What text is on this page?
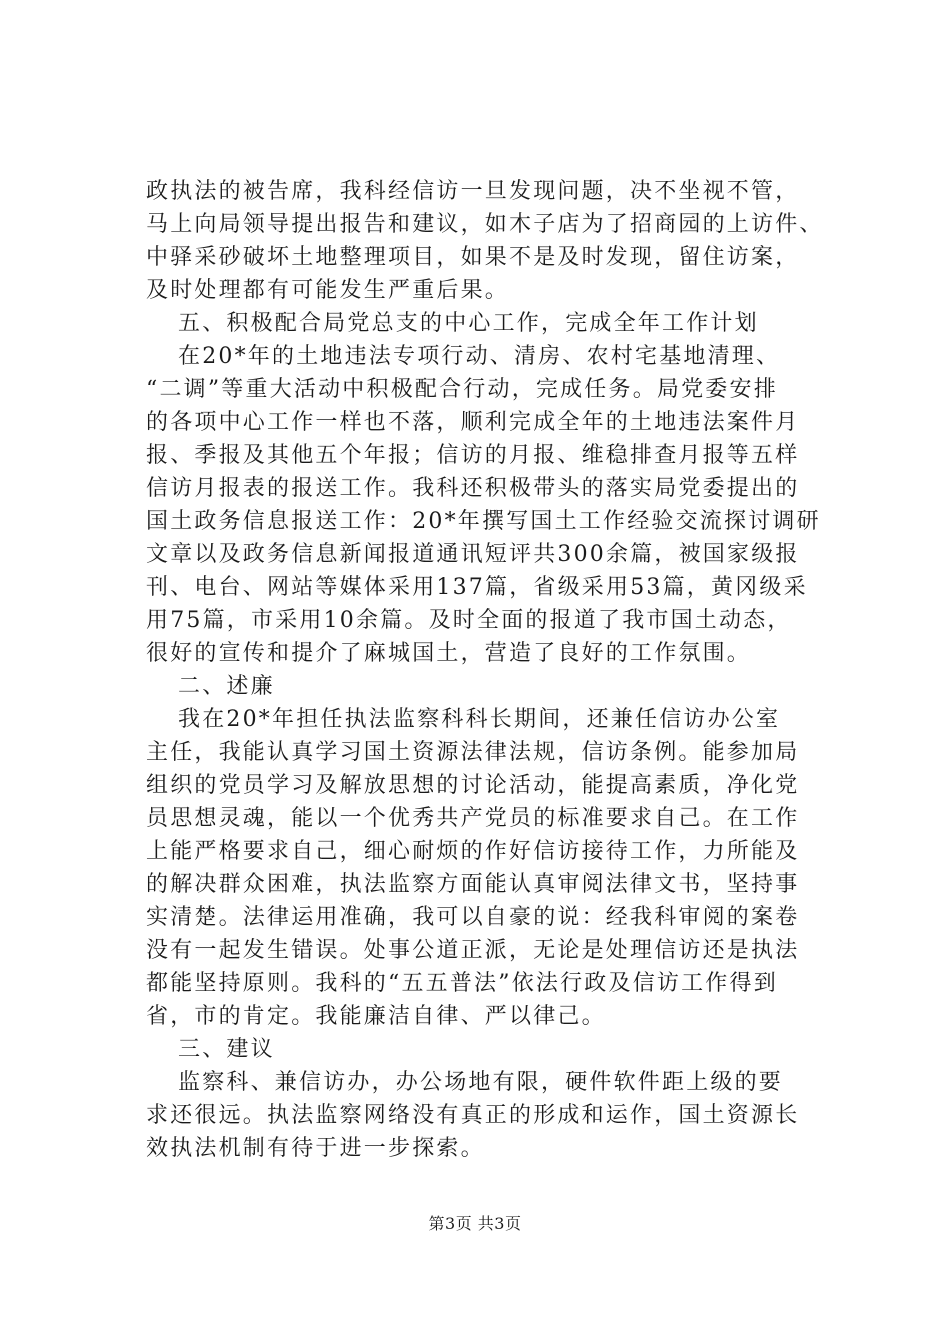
政执法的被告席，我科经信访一旦发现问题，决不坐视不管，
马上向局领导提出报告和建议，如木子店为了招商园的上访件、
中驿采砂破坏土地整理项目，如果不是及时发现，留住访案，
及时处理都有可能发生严重后果。
五、积极配合局党总支的中心工作，完成全年工作计划
在20*年的土地违法专项行动、清房、农村宅基地清理、
“二调”等重大活动中积极配合行动，完成任务。局党委安排
的各项中心工作一样也不落，顺利完成全年的土地违法案件月
报、季报及其他五个年报；信访的月报、维稳排查月报等五样
信访月报表的报送工作。我科还积极带头的落实局党委提出的
国土政务信息报送工作：20*年撰写国土工作经验交流探讨调研
文章以及政务信息新闻报道通讯短评共300余篇，被国家级报
刊、电台、网站等媒体采用137篇，省级采用53篇，黄冈级采
用75篇，市采用10余篇。及时全面的报道了我市国土动态，
很好的宣传和提介了麻城国土，营造了良好的工作氛围。
二、述廉
我在20*年担任执法监察科科长期间，还兼任信访办公室
主任，我能认真学习国土资源法律法规，信访条例。能参加局
组织的党员学习及解放思想的讨论活动，能提高素质，净化党
员思想灵魂，能以一个优秀共产党员的标准要求自己。在工作
上能严格要求自己，细心耐烦的作好信访接待工作，力所能及
的解决群众困难，执法监察方面能认真审阅法律文书，坚持事
实清楚。法律运用准确，我可以自豪的说：经我科审阅的案卷
没有一起发生错误。处事公道正派，无论是处理信访还是执法
都能坚持原则。我科的“五五普法”依法行政及信访工作得到
省，市的肯定。我能廉洁自律、严以律己。
三、建议
监察科、兼信访办，办公场地有限，硬件软件距上级的要
求还很远。执法监察网络没有真正的形成和运作，国土资源长
效执法机制有待于进一步探索。
第3页 共3页
